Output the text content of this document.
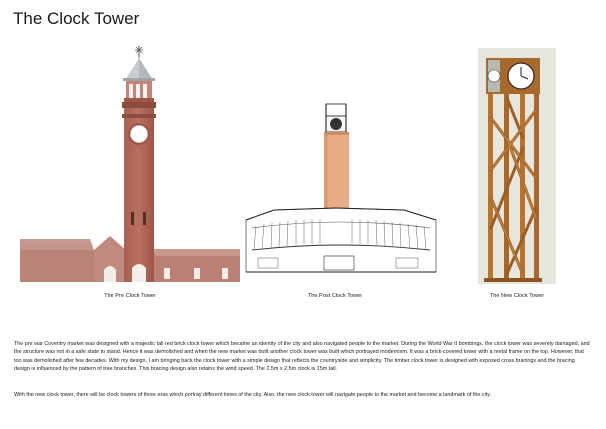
The Clock Tower
The Pre Clock Tower	The Post Clock Tower	The New Clock Tower

The pre war Coventry market was designed with a majestic tall red brick clock tower which became an identity of the city and also navigated people to the market. During the World War II bombings, the clock tower was severely damaged, and the structure was not in a safe state to stand. Hence it was demolished and when the new market was built another clock tower was built which portrayed modernism. It was a brick-covered tower with a metal frame on the top. However, that too was demolished after few decades. With my design, I am bringing back the clock tower with a simple design that reflects the countryside and simplicity. The timber clock tower is designed with exposed cross bracings and the bracing design is influenced by the pattern of tree branches. This bracing design also retains the wind speed. The 2.5m x 2.5m clock is 15m tall.

With the new clock tower, there will be clock towers of three eras which portray different times of the city. Also, the new clock tower will navigate people to the market and become a landmark of the city.
